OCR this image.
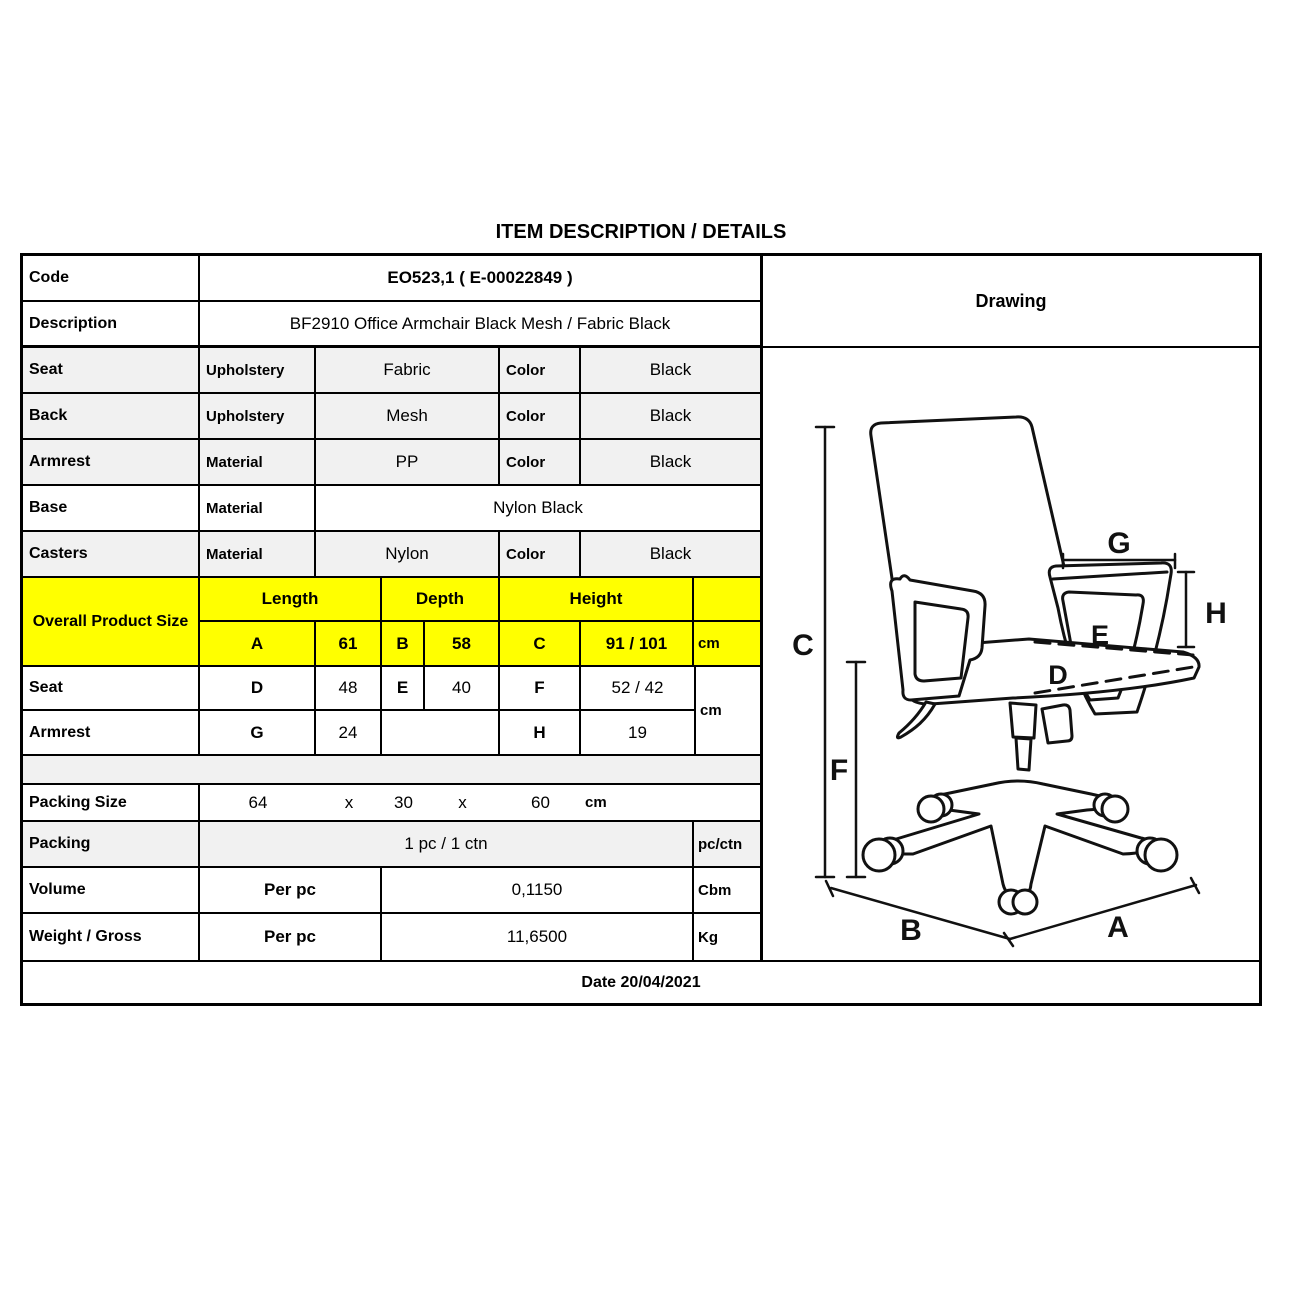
ITEM DESCRIPTION / DETAILS
Code	EO523,1 ( E-00022849 )
Description	BF2910 Office Armchair Black Mesh / Fabric Black
Seat	Upholstery	Fabric	Color	Black
Back	Upholstery	Mesh	Color	Black
Armrest	Material	PP	Color	Black
Base	Material	Nylon Black
Casters	Material	Nylon	Color	Black
Overall Product Size
Length	Depth	Height
A	61	B	58	C	91 / 101	cm
Seat	D	48	E	40	F	52 / 42
Armrest	G	24	H	19
cm
Packing Size	64	x	30	x	60	cm
Packing	1 pc / 1 ctn	pc/ctn
Volume	Per pc	0,1150	Cbm
Weight / Gross	Per pc	11,6500	Kg
Drawing
C
F
G
H
E
D
B	A
Date 20/04/2021
